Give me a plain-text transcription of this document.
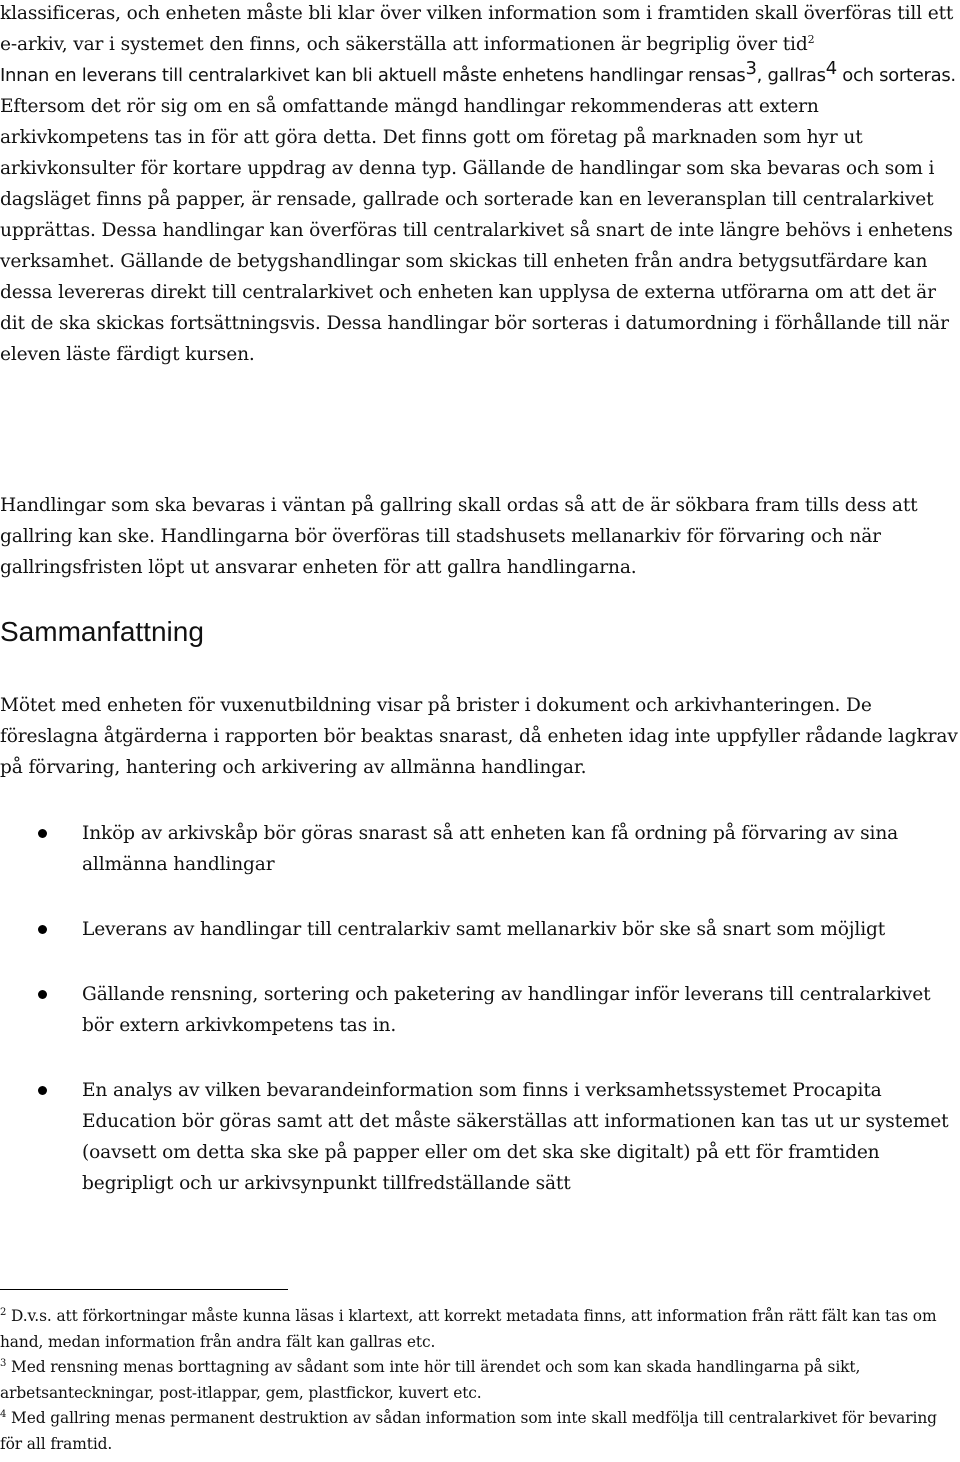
klassificeras, och enheten måste bli klar över vilken information som i framtiden skall överföras till ett e-arkiv, var i systemet den finns, och säkerställa att informationen är begriplig över tid$^2$
Innan en leverans till centralarkivet kan bli aktuell måste enhetens handlingar rensas$^3$, gallras$^4$ och sorteras. Eftersom det rör sig om en så omfattande mängd handlingar rekommenderas att extern arkivkompetens tas in för att göra detta. Det finns gott om företag på marknaden som hyr ut arkivkonsulter för kortare uppdrag av denna typ. Gällande de handlingar som ska bevaras och som i dagsläget finns på papper, är rensade, gallrade och sorterade kan en leveransplan till centralarkivet upprättas. Dessa handlingar kan överföras till centralarkivet så snart de inte längre behövs i enhetens verksamhet. Gällande de betygshandlingar som skickas till enheten från andra betygsutfärdare kan dessa levereras direkt till centralarkivet och enheten kan upplysa de externa utförarna om att det är dit de ska skickas fortsättningsvis. Dessa handlingar bör sorteras i datumordning i förhållande till när eleven läste färdigt kursen.

Handlingar som ska bevaras i väntan på gallring skall ordas så att de är sökbara fram tills dess att gallring kan ske. Handlingarna bör överföras till stadshusets mellanarkiv för förvaring och när gallringsfristen löpt ut ansvarar enheten för att gallra handlingarna.

Sammanfattning

Mötet med enheten för vuxenutbildning visar på brister i dokument och arkivhanteringen. De föreslagna åtgärderna i rapporten bör beaktas snarast, då enheten idag inte uppfyller rådande lagkrav på förvaring, hantering och arkivering av allmänna handlingar.

Inköp av arkivskåp bör göras snarast så att enheten kan få ordning på förvaring av sina allmänna handlingar
Leverans av handlingar till centralarkiv samt mellanarkiv bör ske så snart som möjligt
Gällande rensning, sortering och paketering av handlingar inför leverans till centralarkivet bör extern arkivkompetens tas in.
En analys av vilken bevarandeinformation som finns i verksamhetssystemet Procapita Education bör göras samt att det måste säkerställas att informationen kan tas ut ur systemet (oavsett om detta ska ske på papper eller om det ska ske digitalt) på ett för framtiden begripligt och ur arkivsynpunkt tillfredställande sätt

$^2$ D.v.s. att förkortningar måste kunna läsas i klartext, att korrekt metadata finns, att information från rätt fält kan tas om hand, medan information från andra fält kan gallras etc.

$^3$ Med rensning menas borttagning av sådant som inte hör till ärendet och som kan skada handlingarna på sikt, arbetsanteckningar, post-itlappar, gem, plastfickor, kuvert etc.

$^4$ Med gallring menas permanent destruktion av sådan information som inte skall medfölja till centralarkivet för bevaring för all framtid.
